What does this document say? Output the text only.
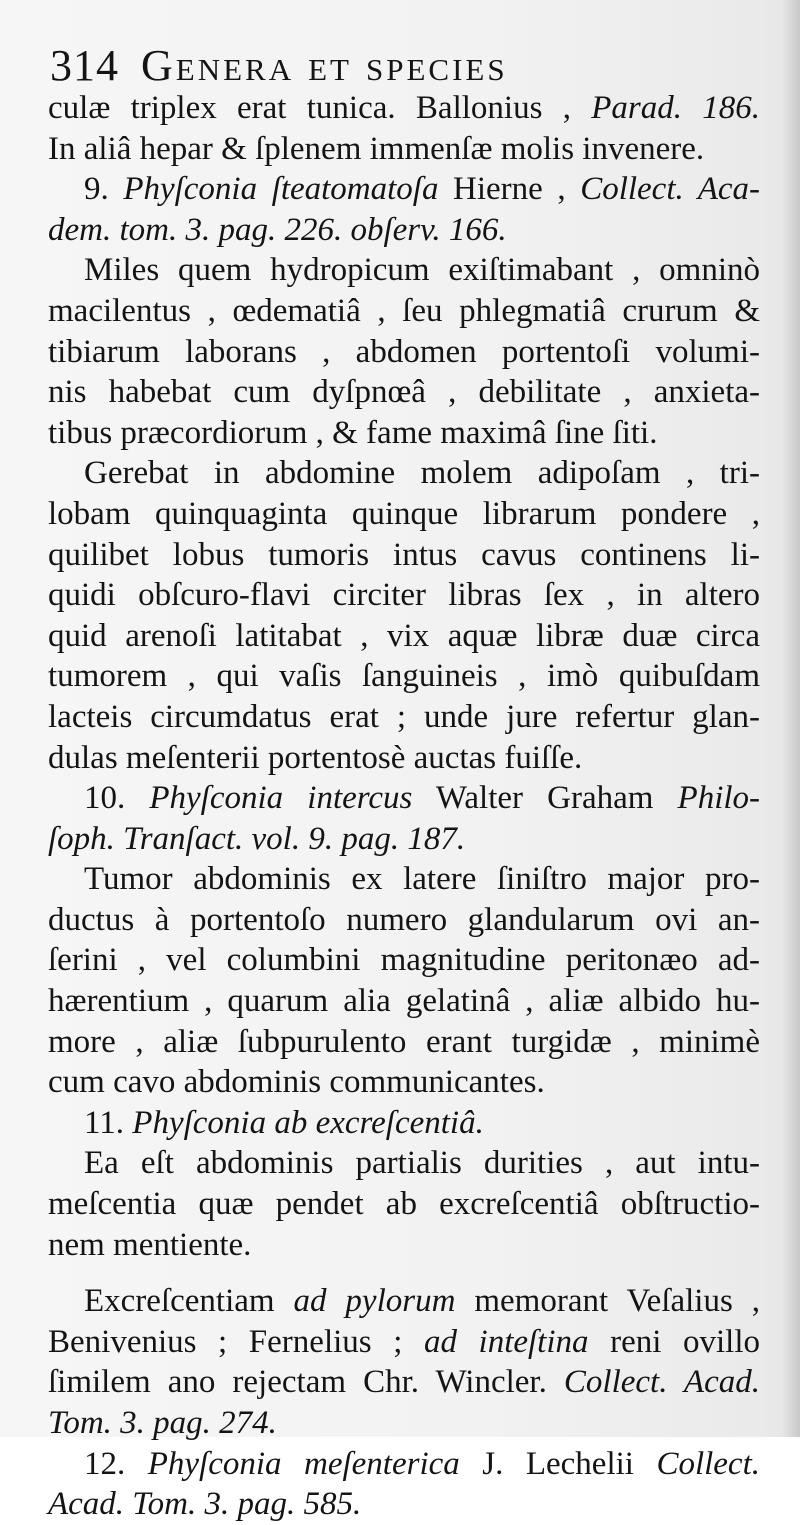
314 Genera et species
culæ triplex erat tunica. Ballonius , Parad. 186.
In aliâ hepar & ſplenem immenſæ molis invenere.
9. Phyſconia ſteatomatoſa Hierne , Collect. Aca-
dem. tom. 3. pag. 226. obſerv. 166.
Miles quem hydropicum exiſtimabant , omninò
macilentus , œdematiâ , ſeu phlegmatiâ crurum &
tibiarum laborans , abdomen portentoſi volumi-
nis habebat cum dyſpnœâ , debilitate , anxieta-
tibus præcordiorum , & fame maximâ ſine ſiti.
Gerebat in abdomine molem adipoſam , tri-
lobam quinquaginta quinque librarum pondere ,
quilibet lobus tumoris intus cavus continens li-
quidi obſcuro-flavi circiter libras ſex , in altero
quid arenoſi latitabat , vix aquæ libræ duæ circa
tumorem , qui vaſis ſanguineis , imò quibuſdam
lacteis circumdatus erat ; unde jure refertur glan-
dulas meſenterii portentosè auctas fuiſſe.
10. Phyſconia intercus Walter Graham Philo-
ſoph. Tranſact. vol. 9. pag. 187.
Tumor abdominis ex latere ſiniſtro major pro-
ductus à portentoſo numero glandularum ovi an-
ſerini , vel columbini magnitudine peritonæo ad-
hærentium , quarum alia gelatinâ , aliæ albido hu-
more , aliæ ſubpurulento erant turgidæ , minimè
cum cavo abdominis communicantes.
11. Phyſconia ab excreſcentiâ.
Ea eſt abdominis partialis durities , aut intu-
meſcentia quæ pendet ab excreſcentiâ obſtructio-
nem mentiente.
Excreſcentiam ad pylorum memorant Veſalius ,
Benivenius ; Fernelius ; ad inteſtina reni ovillo
ſimilem ano rejectam Chr. Wincler. Collect. Acad.
Tom. 3. pag. 274.
12. Phyſconia meſenterica J. Lechelii Collect.
Acad. Tom. 3. pag. 585.
